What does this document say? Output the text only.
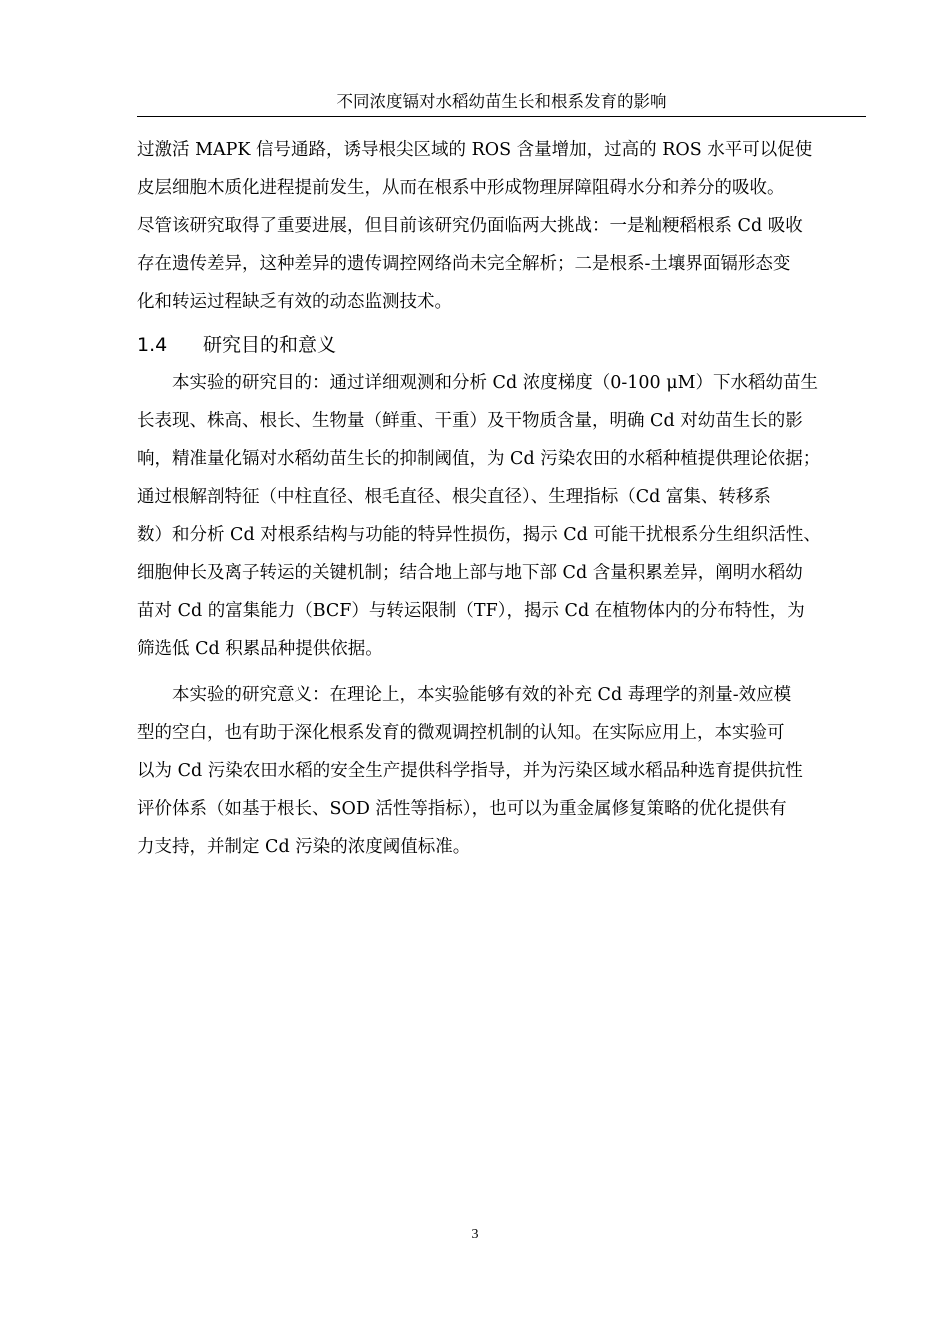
不同浓度镉对水稻幼苗生长和根系发育的影响
过激活 MAPK 信号通路，诱导根尖区域的 ROS 含量增加，过高的 ROS 水平可以促使
皮层细胞木质化进程提前发生，从而在根系中形成物理屏障阻碍水分和养分的吸收。
尽管该研究取得了重要进展，但目前该研究仍面临两大挑战：一是籼粳稻根系 Cd 吸收
存在遗传差异，这种差异的遗传调控网络尚未完全解析；二是根系-土壤界面镉形态变
化和转运过程缺乏有效的动态监测技术。
1.4 研究目的和意义
本实验的研究目的：通过详细观测和分析 Cd 浓度梯度（0-100 μM）下水稻幼苗生
长表现、株高、根长、生物量（鲜重、干重）及干物质含量，明确 Cd 对幼苗生长的影
响，精准量化镉对水稻幼苗生长的抑制阈值，为 Cd 污染农田的水稻种植提供理论依据；
通过根解剖特征（中柱直径、根毛直径、根尖直径）、生理指标（Cd 富集、转移系
数）和分析 Cd 对根系结构与功能的特异性损伤，揭示 Cd 可能干扰根系分生组织活性、
细胞伸长及离子转运的关键机制；结合地上部与地下部 Cd 含量积累差异，阐明水稻幼
苗对 Cd 的富集能力（BCF）与转运限制（TF），揭示 Cd 在植物体内的分布特性，为
筛选低 Cd 积累品种提供依据。
本实验的研究意义：在理论上，本实验能够有效的补充 Cd 毒理学的剂量-效应模
型的空白，也有助于深化根系发育的微观调控机制的认知。在实际应用上，本实验可
以为 Cd 污染农田水稻的安全生产提供科学指导，并为污染区域水稻品种选育提供抗性
评价体系（如基于根长、SOD 活性等指标），也可以为重金属修复策略的优化提供有
力支持，并制定 Cd 污染的浓度阈值标准。
3
